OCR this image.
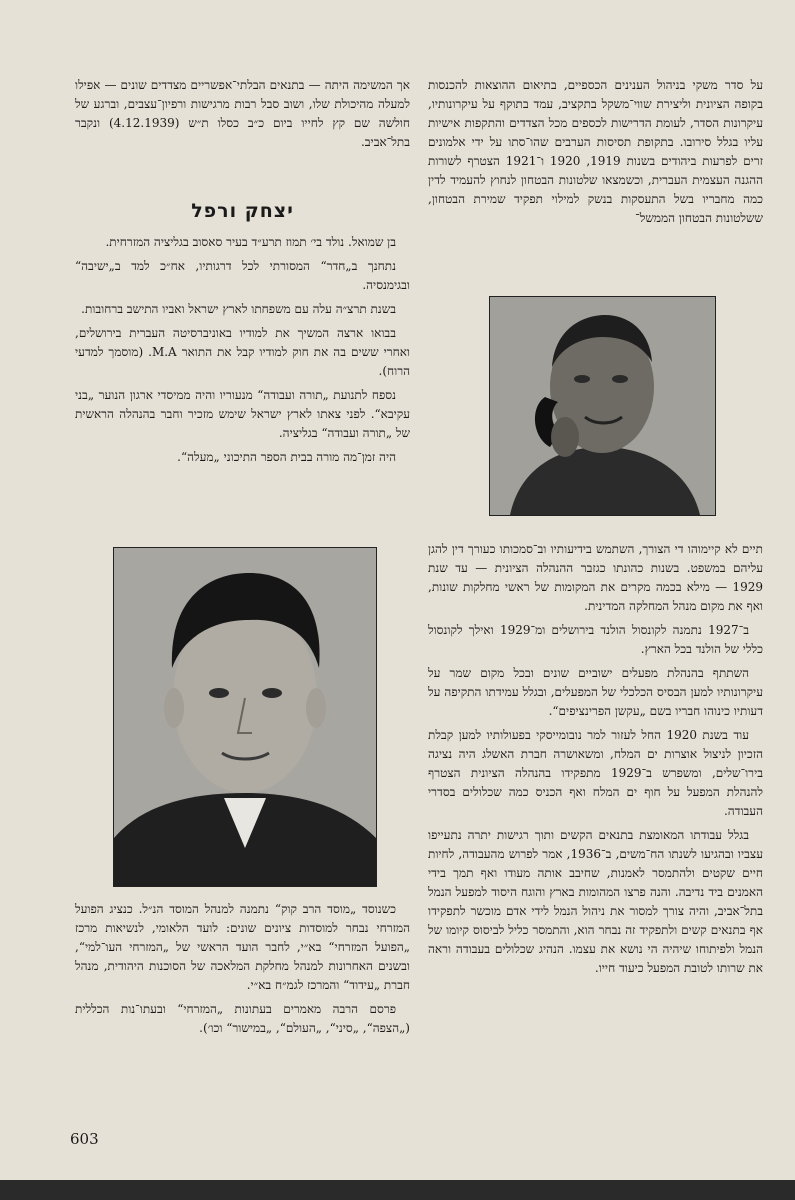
על סדר משקי בניהול הענינים הכספיים, בתיאום ההוצאות להכנסות בקופה הציונית וליצירת שווי־משקל בתקציב, עמד בתוקף על עיקרונותיו, עיקרונות הסדר, לעומת הדרישות לכספים מכל הצדדים והתקפות אישיות עליו בגלל סירובו. בתקופת תסיסות הערבים שהו־סתו על ידי אלמונים זרים לפרעות ביהודים בשנות 1919, 1920 ו־1921 הצטרף לשורות ההגנה העצמית העברית, וכשמצאו שלטונות הבטחון לנחוץ להעמיד לדין כמה מחבריו בשל התעסקות בנשק למילוי תפקיד שמירת הבטחון, ששלטונות הבטחון הממשל־

תיים לא קיימוהו די הצורך, השתמש בידיעותיו וב־סמכותו כעורך דין להגן עליהם במשפט. בשנות כהונתו כגזבר ההנהלה הציונית — עד שנת 1929 — מילא בכמה מקרים את המקומות של ראשי מחלקות שונות, ואף את מקום מנהל המחלקה המדינית.

ב־1927 נתמנה לקונסול הולנד בירושלים ומ־1929 ואילך לקונסול כללי של הולנד בכל הארץ.

השתתף בהנהלת מפעלים ישוביים שונים ובכל מקום שמר על עיקרונותיו למען הבסיס הכלכלי של המפעלים, ובגלל עמידתו התקיפה על דעותיו כינוהו חבריו בשם „עקשן הפרינציפים“.

עוד בשנת 1920 החל לעזור למר נובומייסקי בפעולותיו למען קבלת הזכיון לניצול אוצרות ים המלח, ומשאושרה חברת האשלג היה נציגה בירו־שלים, ומשפרש ב־1929 מתפקידו בהנהלה הציונית הצטרף להנהלת המפעל על חוף ים המלח ואף הכניס כמה שכלולים בסדרי העבודה.

בגלל עבודתו המאומצת בתנאים הקשים ותוך רגישות יתרה נתעייפו עצביו ובהגיעו לשנתו הח־משים, ב־1936, אמר לפרוש מהעבודה, לחיות חיים שקטים ולהתמסר לאמנות, שחיבב אותה מעודו ואף תמך בידי האמנים ביד נדיבה. והנה פרצו המהומות בארץ והוגח היסוד למפעל הנמל בתל־אביב, והיה צורך למסור את ניהול הנמל לידי אדם מוכשר לתפקידו אף בתנאים קשים ולתפקיד זה נבחר הוא, והתמסר כליל לביסוס קיומו של הנמל ולפיתוחו שיהיה הי נושא את עצמו. הנהיג שכלולים בעבודה וראה את שרותו לטובת המפעל כיעוד חייו.

אך המשימה היתה — בתנאים הבלתי־אפשריים מצדדים שונים — אפילו למעלה מהיכולת שלו, ושוב סבל רבות מרגישות ורפיון־עצבים, וברגע של חולשה שם קץ לחייו ביום כ״ב כסלו ת״ש (4.12.1939) ונקבר בתל־אביב.

יצחק ורפל

בן שמואל. נולד בי׳ תמוז תרע״ד בעיר סאסוב בגליציה המזרחית.

נתחנך ב„חדר“ המסורתי לכל דרגותיו, אח״כ למד ב„ישיבה“ ובגימנסיה.

בשנת תרצ״ה עלה עם משפחתו לארץ ישראל ואביו התישב ברחובות.

בבואו ארצה המשיך את למודיו באוניברסיטה העברית בירושלים, ואחרי ששים בה את חוק למודיו קבל את התואר M.A. (מוסמך למדעי הרוח).

נספח לתנועת „תורה ועבודה“ מנעוריו והיה ממיסדי ארגון הנוער „בני עקיבא“. לפני צאתו לארץ ישראל שימש מזכיר וחבר בהנהלה הראשית של „תורה ועבודה“ בגליציה.

היה זמן־מה מורה בבית הספר התיכוני „מעלה“.

כשנוסד „מוסד הרב קוק“ נתמנה למנהל המוסד הנ״ל. כנציג הפועל המזרחי נבחר למוסדות ציונים שונים: לועד הלאומי, לנשיאות מרכז „הפועל המזרחי“ בא״י, לחבר הועד הראשי של „המזרחי העו־למי“, ובשנים האחרונות למנהל מחלקת המלאכה של הסוכנות היהודית, מנהל חברת „עידוד“ והמרכז לגמ״ח בא״י.

פרסם הרבה מאמרים בעתונות „המזרחי“ ובעתו־נות הכללית („הצפה“, „סיני“, „העולם“, „במישור“ וכו׳).

603
